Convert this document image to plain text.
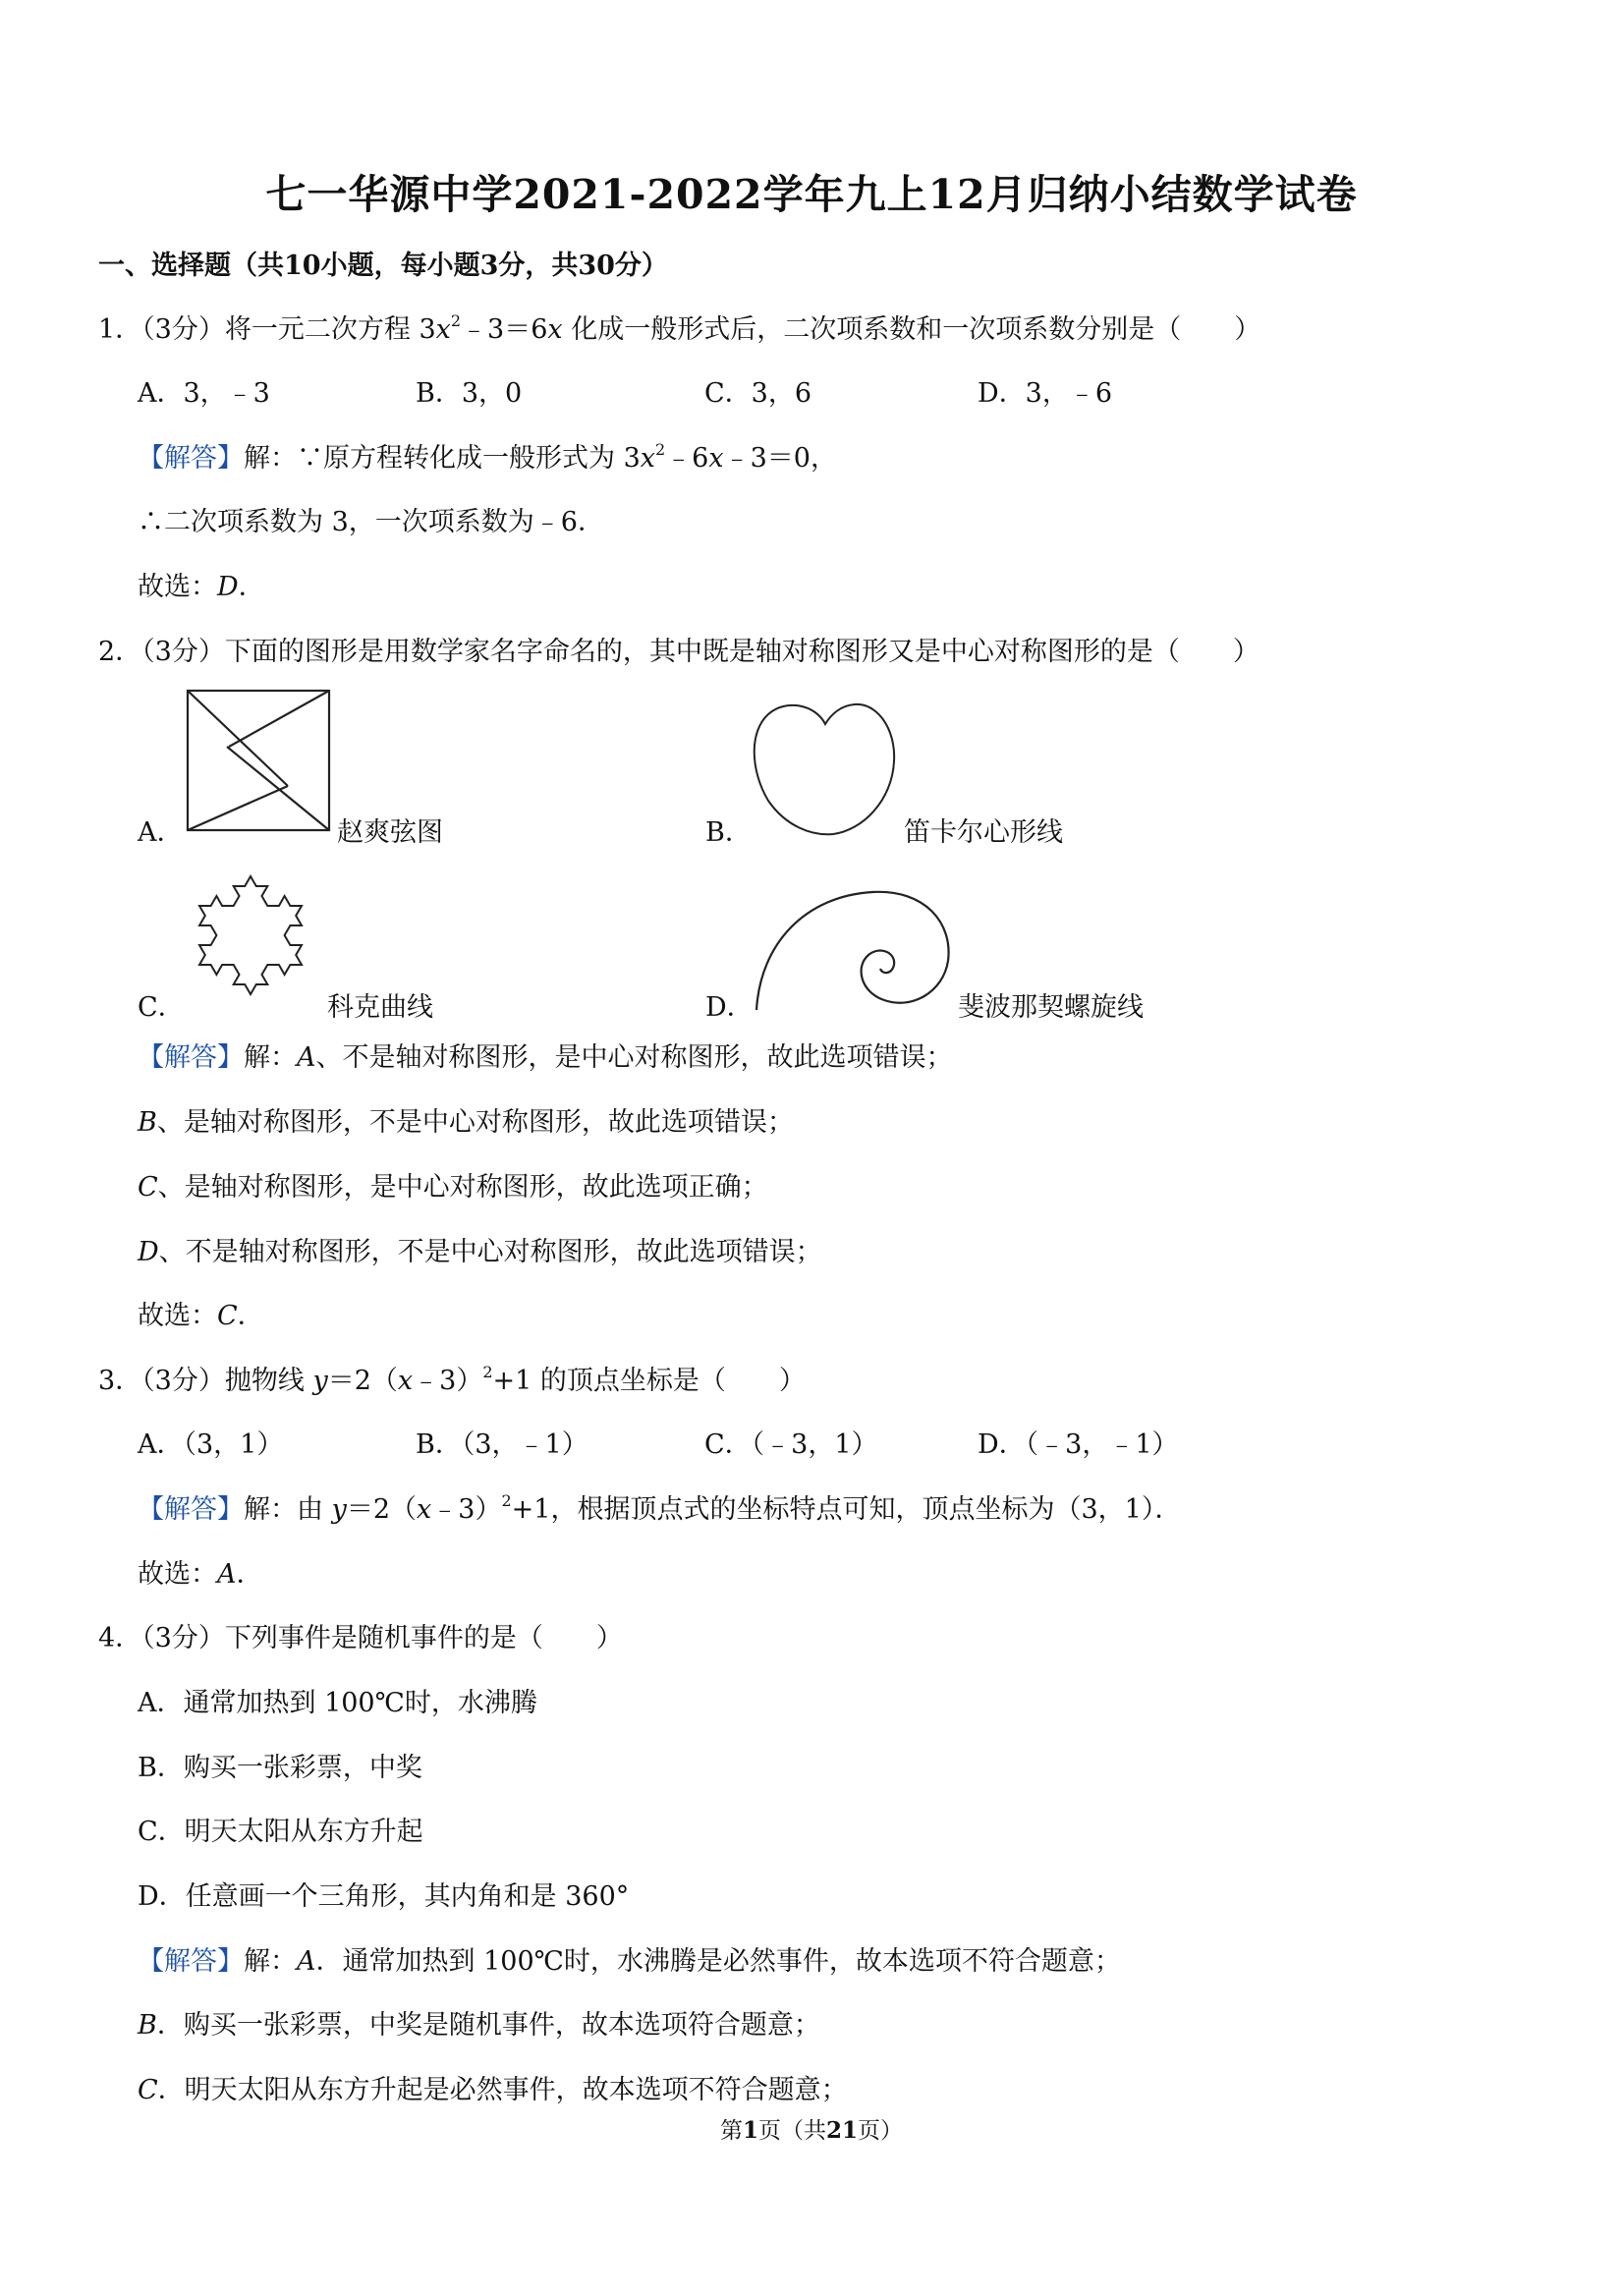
七一华源中学2021-2022学年九上12月归纳小结数学试卷
一、选择题（共10小题，每小题3分，共30分）
1．（3分）将一元二次方程 $3x^2﹣3=6x$ 化成一般形式后，二次项系数和一次项系数分别是（　　）
A．3，﹣3	B．3，0	C．3，6	D．3，﹣6
【解答】解：∵原方程转化成一般形式为 $3x^2﹣6x﹣3=0$，
∴二次项系数为 3，一次项系数为﹣6．
故选：D．
2．（3分）下面的图形是用数学家名字命名的，其中既是轴对称图形又是中心对称图形的是（　　）
A．	赵爽弦图	B．	笛卡尔心形线
C．	科克曲线	D．	斐波那契螺旋线
【解答】解：A、不是轴对称图形，是中心对称图形，故此选项错误；
B、是轴对称图形，不是中心对称图形，故此选项错误；
C、是轴对称图形，是中心对称图形，故此选项正确；
D、不是轴对称图形，不是中心对称图形，故此选项错误；
故选：C．
3．（3分）抛物线 y＝2（x﹣3）$^2$+1 的顶点坐标是（　　）
A．（3，1）	B．（3，﹣1）	C．（﹣3，1）	D．（﹣3，﹣1）
【解答】解：由 y＝2（x﹣3）$^2$+1，根据顶点式的坐标特点可知，顶点坐标为（3，1）．
故选：A．
4．（3分）下列事件是随机事件的是（　　）
A．通常加热到 100℃时，水沸腾
B．购买一张彩票，中奖
C．明天太阳从东方升起
D．任意画一个三角形，其内角和是 360°
【解答】解：A．通常加热到 100℃时，水沸腾是必然事件，故本选项不符合题意；
B．购买一张彩票，中奖是随机事件，故本选项符合题意；
C．明天太阳从东方升起是必然事件，故本选项不符合题意；
第1页（共21页）
